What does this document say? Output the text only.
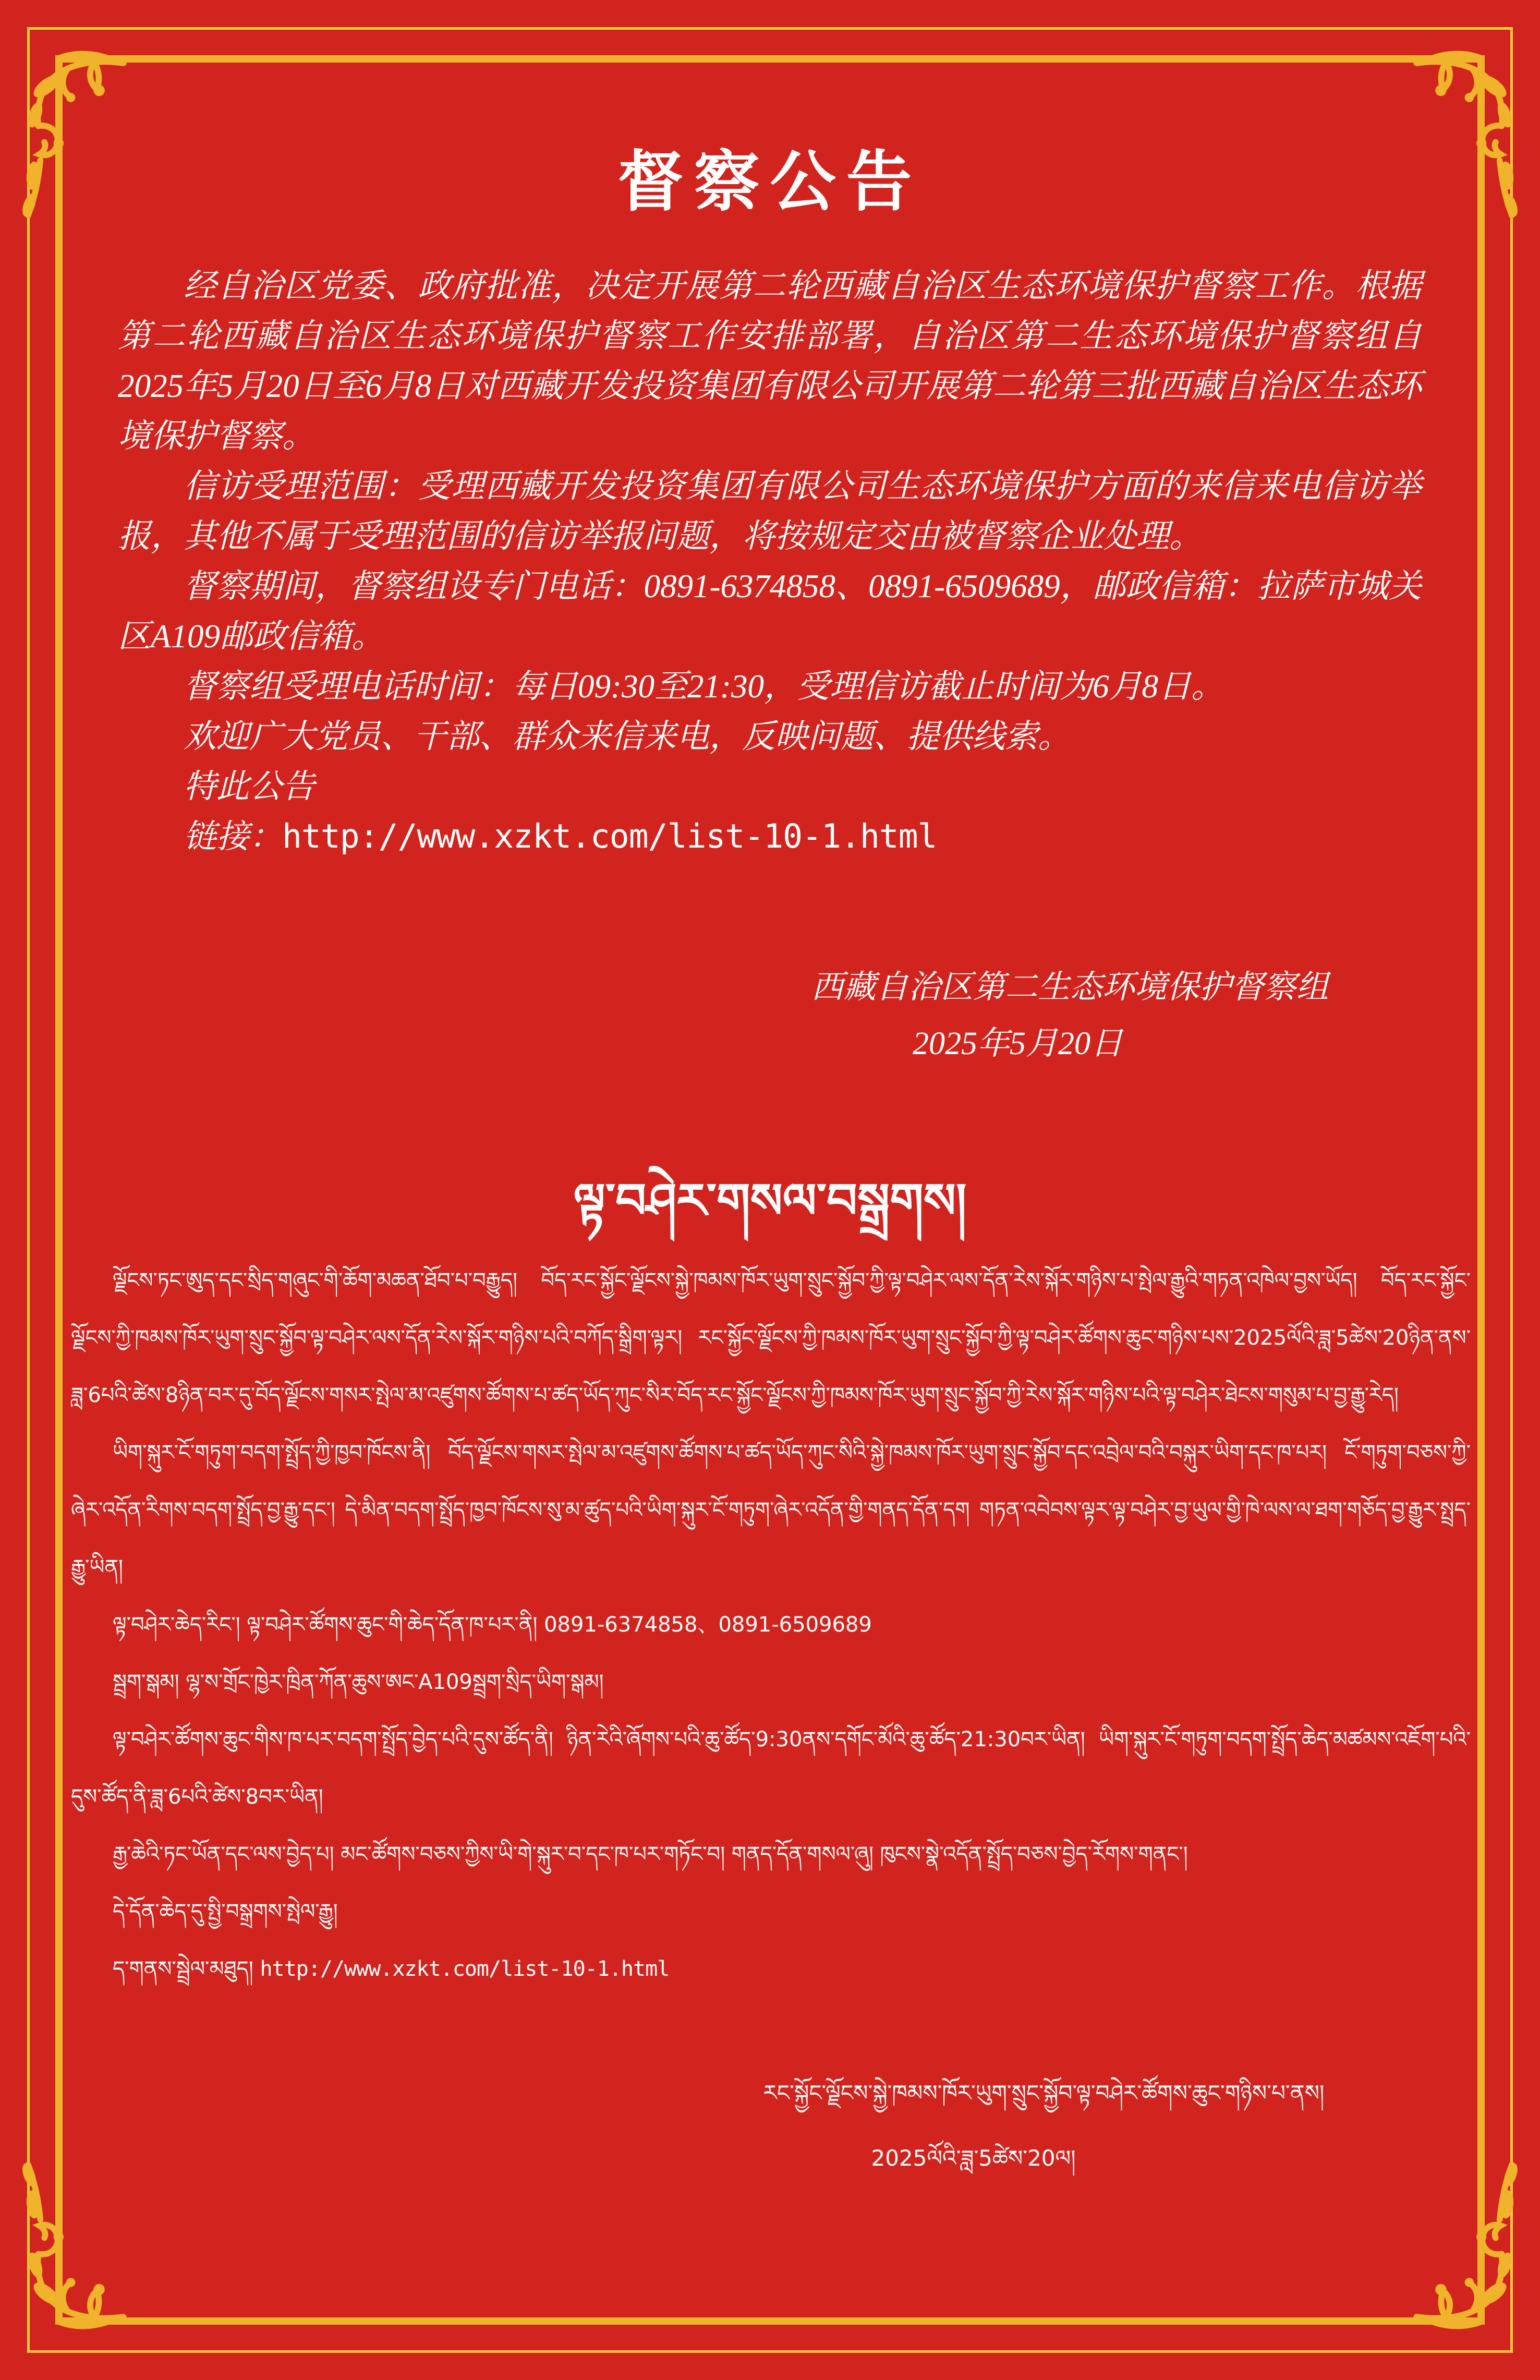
督察公告

经自治区党委、政府批准，决定开展第二轮西藏自治区生态环境保护督察工作。根据第二轮西藏自治区生态环境保护督察工作安排部署，自治区第二生态环境保护督察组自2025年5月20日至6月8日对西藏开发投资集团有限公司开展第二轮第三批西藏自治区生态环境保护督察。

信访受理范围：受理西藏开发投资集团有限公司生态环境保护方面的来信来电信访举报，其他不属于受理范围的信访举报问题，将按规定交由被督察企业处理。

督察期间，督察组设专门电话：0891-6374858、0891-6509689，邮政信箱：拉萨市城关区A109邮政信箱。

督察组受理电话时间：每日09:30至21:30，受理信访截止时间为6月8日。

欢迎广大党员、干部、群众来信来电，反映问题、提供线索。

特此公告

链接：http://www.xzkt.com/list-10-1.html

西藏自治区第二生态环境保护督察组
2025年5月20日
ལྟ་བཤེར་གསལ་བསྒྲགས།

ལྗོངས་ཏང་ཨུད་དང་སྲིད་གཞུང་གི་ཆོག་མཆན་ཐོབ་པ་བརྒྱུད། བོད་རང་སྐྱོང་ལྗོངས་སྐྱེ་ཁམས་ཁོར་ཡུག་སྲུང་སྐྱོབ་ཀྱི་ལྟ་བཤེར་ལས་དོན་རེས་སྐོར་གཉིས་པ་སྤེལ་རྒྱུའི་གཏན་འཁེལ་བྱས་ཡོད། བོད་རང་སྐྱོང་ལྗོངས་ཀྱི་ཁམས་ཁོར་ཡུག་སྲུང་སྐྱོབ་ལྟ་བཤེར་ལས་དོན་རེས་སྐོར་གཉིས་པའི་བཀོད་སྒྲིག་ལྟར། རང་སྐྱོང་ལྗོངས་ཀྱི་ཁམས་ཁོར་ཡུག་སྲུང་སྐྱོབ་ཀྱི་ལྟ་བཤེར་ཚོགས་ཆུང་གཉིས་པས་2025ལོའི་ཟླ་5ཚེས་20ཉིན་ནས་ཟླ་6པའི་ཚེས་8ཉིན་བར་དུ་བོད་ལྗོངས་གསར་སྤེལ་མ་འཛུགས་ཚོགས་པ་ཚད་ཡོད་ཀུང་སིར་བོད་རང་སྐྱོང་ལྗོངས་ཀྱི་ཁམས་ཁོར་ཡུག་སྲུང་སྐྱོབ་ཀྱི་རེས་སྐོར་གཉིས་པའི་ལྟ་བཤེར་ཐེངས་གསུམ་པ་བྱ་རྒྱུ་རེད།

ཡིག་སྐུར་ངོ་གཏུག་བདག་སྤྲོད་ཀྱི་ཁྱབ་ཁོངས་ནི། བོད་ལྗོངས་གསར་སྤེལ་མ་འཛུགས་ཚོགས་པ་ཚད་ཡོད་ཀུང་སིའི་སྐྱེ་ཁམས་ཁོར་ཡུག་སྲུང་སྐྱོབ་དང་འབྲེལ་བའི་བསྐུར་ཡིག་དང་ཁ་པར། ངོ་གཏུག་བཅས་ཀྱི་ཞེར་འདོན་རིགས་བདག་སྤྲོད་བྱ་རྒྱུ་དང་། དེ་མིན་བདག་སྤྲོད་ཁྱབ་ཁོངས་སུ་མ་ཚུད་པའི་ཡིག་སྐུར་ངོ་གཏུག་ཞེར་འདོན་གྱི་གནད་དོན་དག གཏན་འབེབས་ལྟར་ལྟ་བཤེར་བྱ་ཡུལ་གྱི་ཁེ་ལས་ལ་ཐག་གཅོད་བྱ་རྒྱུར་སྤྲད་རྒྱུ་ཡིན།

ལྟ་བཤེར་ཆེད་རིང་། ལྟ་བཤེར་ཚོགས་ཆུང་གི་ཆེད་དོན་ཁ་པར་ནི། 0891-6374858、0891-6509689

སྦྲག་སྒམ། ལྷ་ས་གྲོང་ཁྱེར་ཁྲིན་ཀོན་ཆུས་ཨང་A109སྦྲག་སྲིད་ཡིག་སྒམ།

ལྟ་བཤེར་ཚོགས་ཆུང་གིས་ཁ་པར་བདག་སྤྲོད་བྱེད་པའི་དུས་ཚོད་ནི། ཉིན་རེའི་ཞོགས་པའི་ཆུ་ཚོད་9:30ནས་དགོང་མོའི་ཆུ་ཚོད་21:30བར་ཡིན། ཡིག་སྐུར་ངོ་གཏུག་བདག་སྤྲོད་ཆེད་མཚམས་འཇོག་པའི་དུས་ཚོད་ནི་ཟླ་6པའི་ཚེས་8བར་ཡིན།

རྒྱ་ཆེའི་ཏང་ཡོན་དང་ལས་བྱེད་པ། མང་ཚོགས་བཅས་ཀྱིས་ཡི་གེ་སྐུར་བ་དང་ཁ་པར་གཏོང་བ། གནད་དོན་གསལ་ཞུ། ཁུངས་སྣེ་འདོན་སྤྲོད་བཅས་བྱེད་རོགས་གནང་།

དེ་དོན་ཆེད་དུ་སྤྱི་བསྒྲགས་སྤེལ་རྒྱུ།

ད་གནས་སྦྲེལ་མཐུད། http://www.xzkt.com/list-10-1.html

རང་སྐྱོང་ལྗོངས་སྐྱེ་ཁམས་ཁོར་ཡུག་སྲུང་སྐྱོབ་ལྟ་བཤེར་ཚོགས་ཆུང་གཉིས་པ་ནས།
2025ལོའི་ཟླ་5ཚེས་20ལ།
